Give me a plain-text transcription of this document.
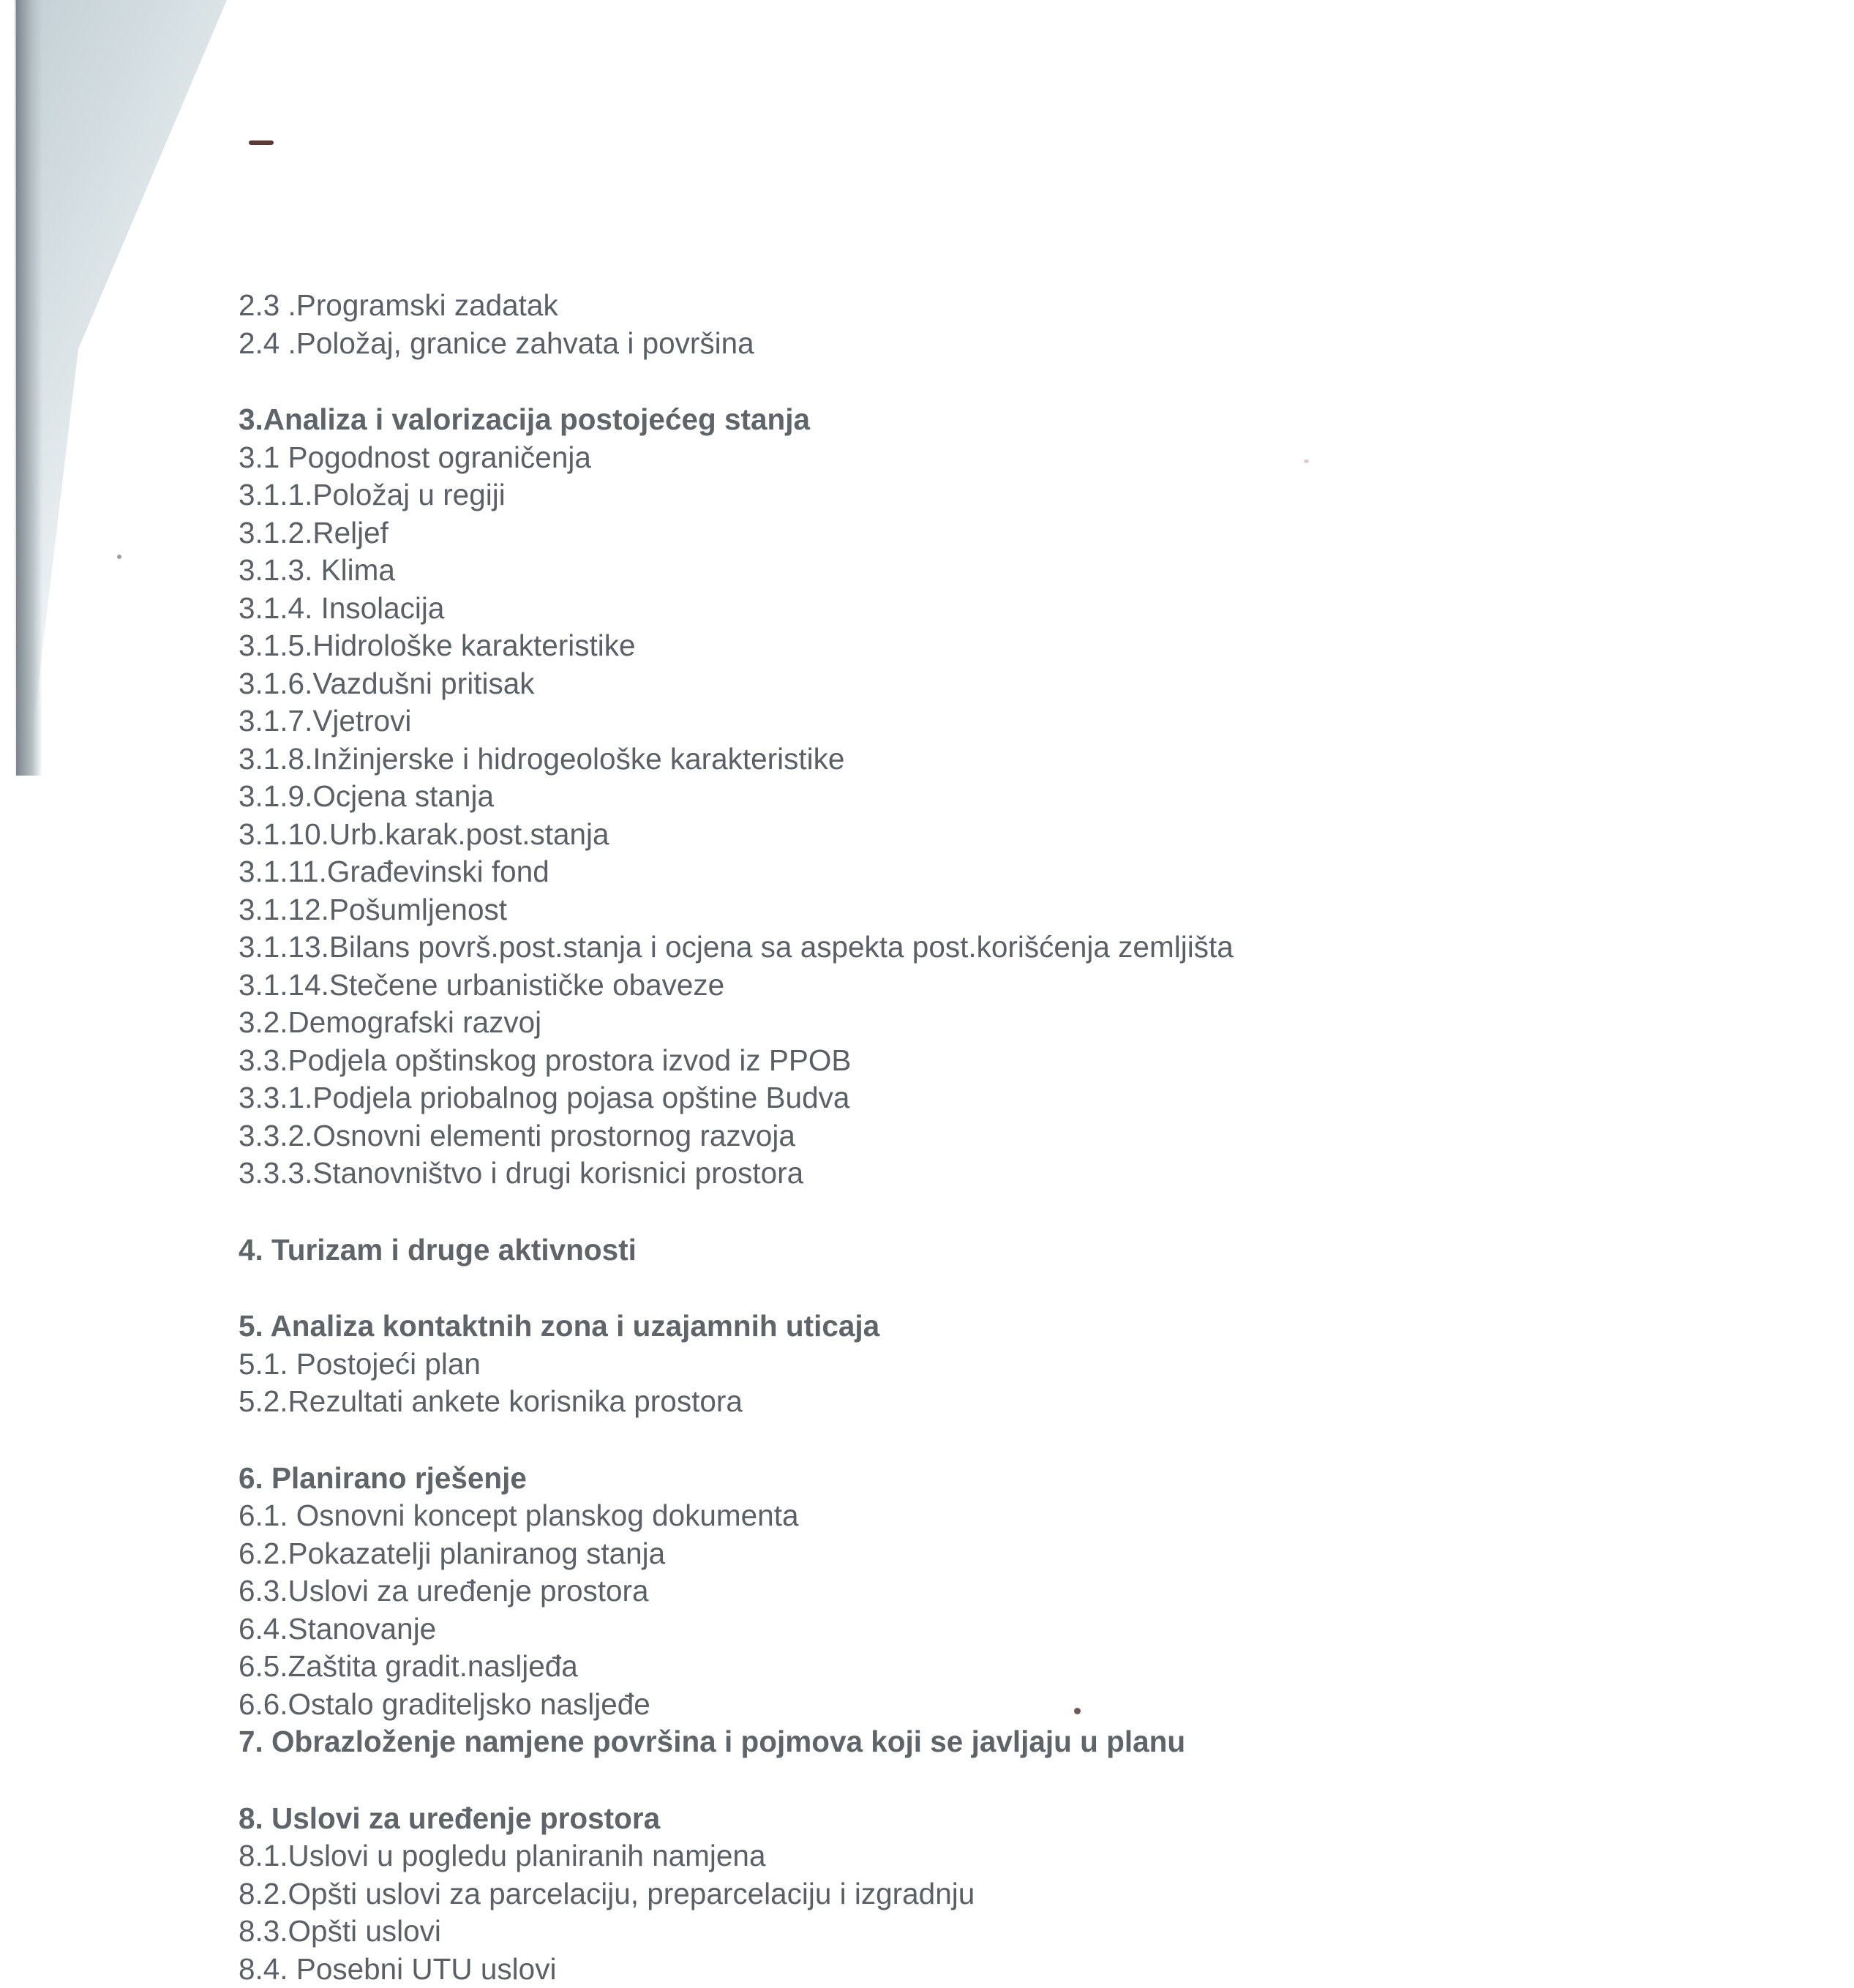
2.3 .Programski zadatak
2.4 .Položaj, granice zahvata i površina
3.Analiza i valorizacija postojećeg stanja
3.1 Pogodnost ograničenja
3.1.1.Položaj u regiji
3.1.2.Reljef
3.1.3. Klima
3.1.4. Insolacija
3.1.5.Hidrološke karakteristike
3.1.6.Vazdušni pritisak
3.1.7.Vjetrovi
3.1.8.Inžinjerske i hidrogeološke karakteristike
3.1.9.Ocjena stanja
3.1.10.Urb.karak.post.stanja
3.1.11.Građevinski fond
3.1.12.Pošumljenost
3.1.13.Bilans površ.post.stanja i ocjena sa aspekta post.korišćenja zemljišta
3.1.14.Stečene urbanističke obaveze
3.2.Demografski razvoj
3.3.Podjela opštinskog prostora izvod iz PPOB
3.3.1.Podjela priobalnog pojasa opštine Budva
3.3.2.Osnovni elementi prostornog razvoja
3.3.3.Stanovništvo i drugi korisnici prostora
4. Turizam i druge aktivnosti
5. Analiza kontaktnih zona i uzajamnih uticaja
5.1. Postojeći plan
5.2.Rezultati ankete korisnika prostora
6. Planirano rješenje
6.1. Osnovni koncept planskog dokumenta
6.2.Pokazatelji planiranog stanja
6.3.Uslovi za uređenje prostora
6.4.Stanovanje
6.5.Zaštita gradit.nasljeđa
6.6.Ostalo graditeljsko nasljeđe
7. Obrazloženje namjene površina i pojmova koji se javljaju u planu
8. Uslovi za uređenje prostora
8.1.Uslovi u pogledu planiranih namjena
8.2.Opšti uslovi za parcelaciju, preparcelaciju i izgradnju
8.3.Opšti uslovi
8.4. Posebni UTU uslovi
